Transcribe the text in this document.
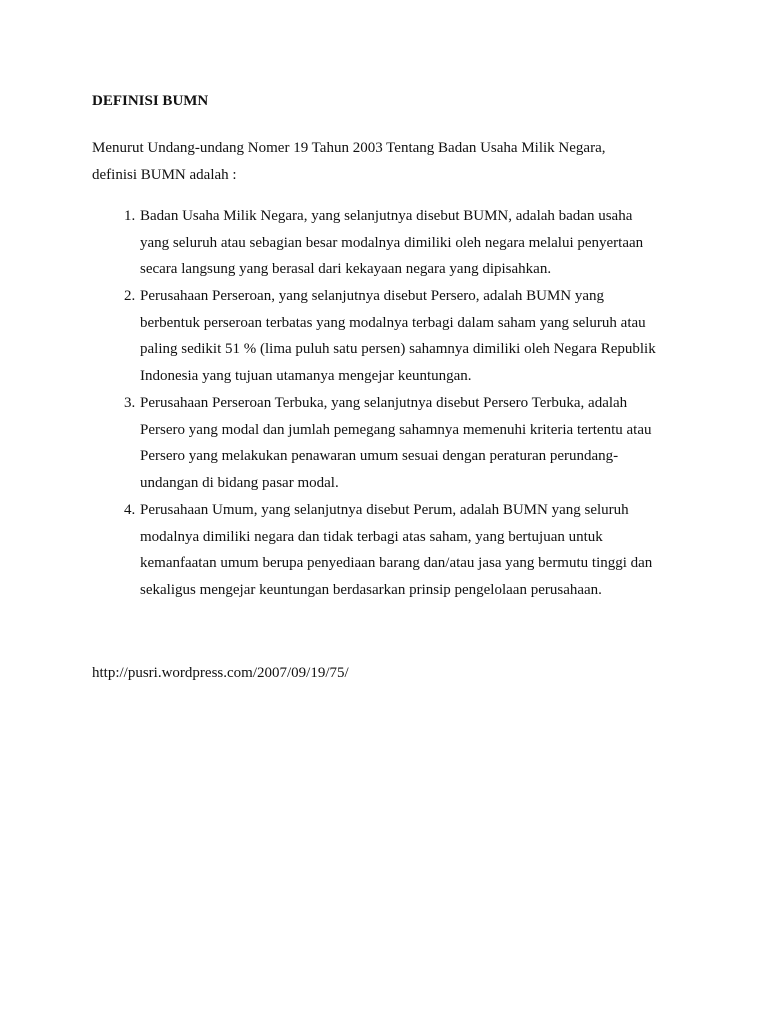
DEFINISI BUMN
Menurut Undang-undang Nomer 19 Tahun 2003 Tentang Badan Usaha Milik Negara,
definisi BUMN adalah :
1. Badan Usaha Milik Negara, yang selanjutnya disebut BUMN, adalah badan usaha
yang seluruh atau sebagian besar modalnya dimiliki oleh negara melalui penyertaan
secara langsung yang berasal dari kekayaan negara yang dipisahkan.
2. Perusahaan Perseroan, yang selanjutnya disebut Persero, adalah BUMN yang
berbentuk perseroan terbatas yang modalnya terbagi dalam saham yang seluruh atau
paling sedikit 51 % (lima puluh satu persen) sahamnya dimiliki oleh Negara Republik
Indonesia yang tujuan utamanya mengejar keuntungan.
3. Perusahaan Perseroan Terbuka, yang selanjutnya disebut Persero Terbuka, adalah
Persero yang modal dan jumlah pemegang sahamnya memenuhi kriteria tertentu atau
Persero yang melakukan penawaran umum sesuai dengan peraturan perundang-
undangan di bidang pasar modal.
4. Perusahaan Umum, yang selanjutnya disebut Perum, adalah BUMN yang seluruh
modalnya dimiliki negara dan tidak terbagi atas saham, yang bertujuan untuk
kemanfaatan umum berupa penyediaan barang dan/atau jasa yang bermutu tinggi dan
sekaligus mengejar keuntungan berdasarkan prinsip pengelolaan perusahaan.
http://pusri.wordpress.com/2007/09/19/75/
